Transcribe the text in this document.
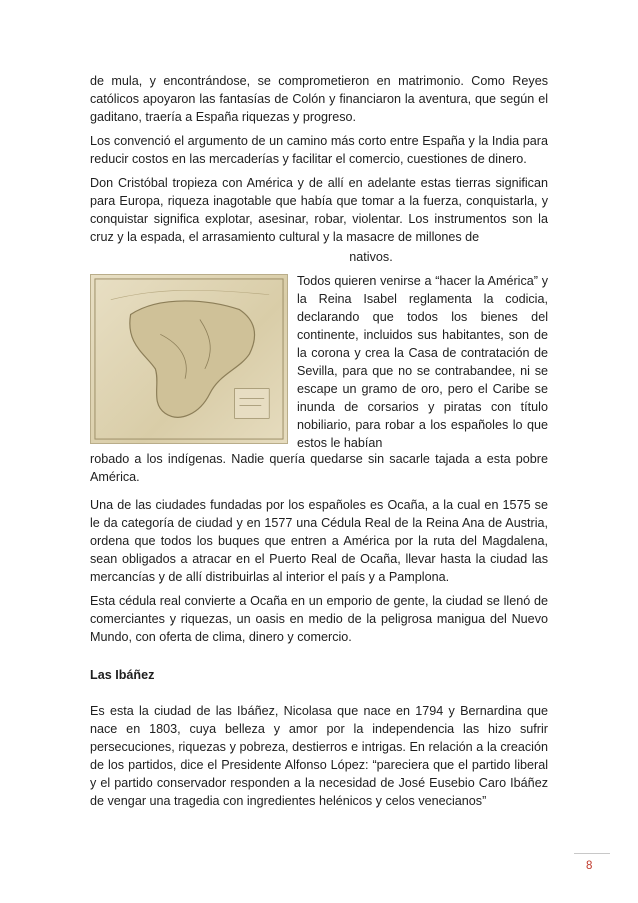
de mula, y encontrándose, se comprometieron en matrimonio. Como Reyes católicos apoyaron las fantasías de Colón y financiaron la aventura, que según el gaditano, traería a España riquezas y progreso.

Los convenció el argumento de un camino más corto entre España y la India para reducir costos en las mercaderías y facilitar el comercio, cuestiones de dinero.

Don Cristóbal tropieza con América y de allí en adelante estas tierras significan para Europa, riqueza inagotable que había que tomar a la fuerza, conquistarla, y conquistar significa explotar, asesinar, robar, violentar. Los instrumentos son la cruz y la espada, el arrasamiento cultural y la masacre de millones de

nativos.

Todos quieren venirse a “hacer la América” y la Reina Isabel reglamenta la codicia, declarando que todos los bienes del continente, incluidos sus habitantes, son de la corona y crea la Casa de contratación de Sevilla, para que no se contrabandee, ni se escape un gramo de oro, pero el Caribe se inunda de corsarios y piratas con título nobiliario, para robar a los españoles lo que estos le habían

robado a los indígenas. Nadie quería quedarse sin sacarle tajada a esta pobre América.

Una de las ciudades fundadas por los españoles es Ocaña, a la cual en 1575 se le da categoría de ciudad y en 1577 una Cédula Real de la Reina Ana de Austria, ordena que todos los buques que entren a América por la ruta del Magdalena, sean obligados a atracar en el Puerto Real de Ocaña, llevar hasta la ciudad las mercancías y de allí distribuirlas al interior el país y a Pamplona.

Esta cédula real convierte a Ocaña en un emporio de gente, la ciudad se llenó de comerciantes y riquezas, un oasis en medio de la peligrosa manigua del Nuevo Mundo, con oferta de clima, dinero y comercio.

Las Ibáñez

Es esta la ciudad de las Ibáñez, Nicolasa que nace en 1794 y Bernardina que nace en 1803, cuya belleza y amor por la independencia las hizo sufrir persecuciones, riquezas y pobreza, destierros e intrigas. En relación a la creación de los partidos, dice el Presidente Alfonso López: “pareciera que el partido liberal y el partido conservador responden a la necesidad de José Eusebio Caro Ibáñez de vengar una tragedia con ingredientes helénicos y celos venecianos”

8
